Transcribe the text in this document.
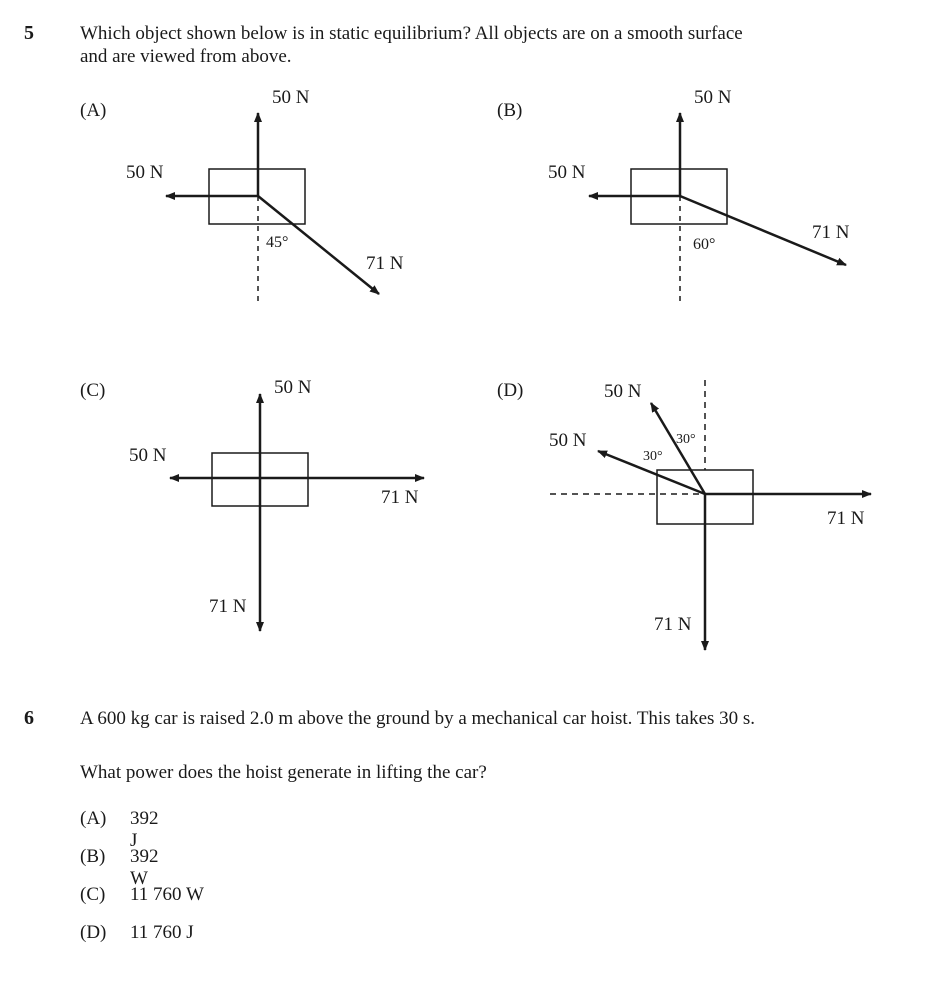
5 Which object shown below is in static equilibrium? All objects are on a smooth surface
and are viewed from above.
(A)
50 N
50 N
71 N
45°
(B)
50 N
50 N
71 N
60°
(C)	50 N
50 N
71 N
71 N
(D)	50 N
50 N
71 N
71 N
30°
30°
6 A 600 kg car is raised 2.0 m above the ground by a mechanical car hoist. This takes 30 s.
What power does the hoist generate in lifting the car?
(A) 392 J
(B) 392 W
(C) 11 760 W
(D) 11 760 J
